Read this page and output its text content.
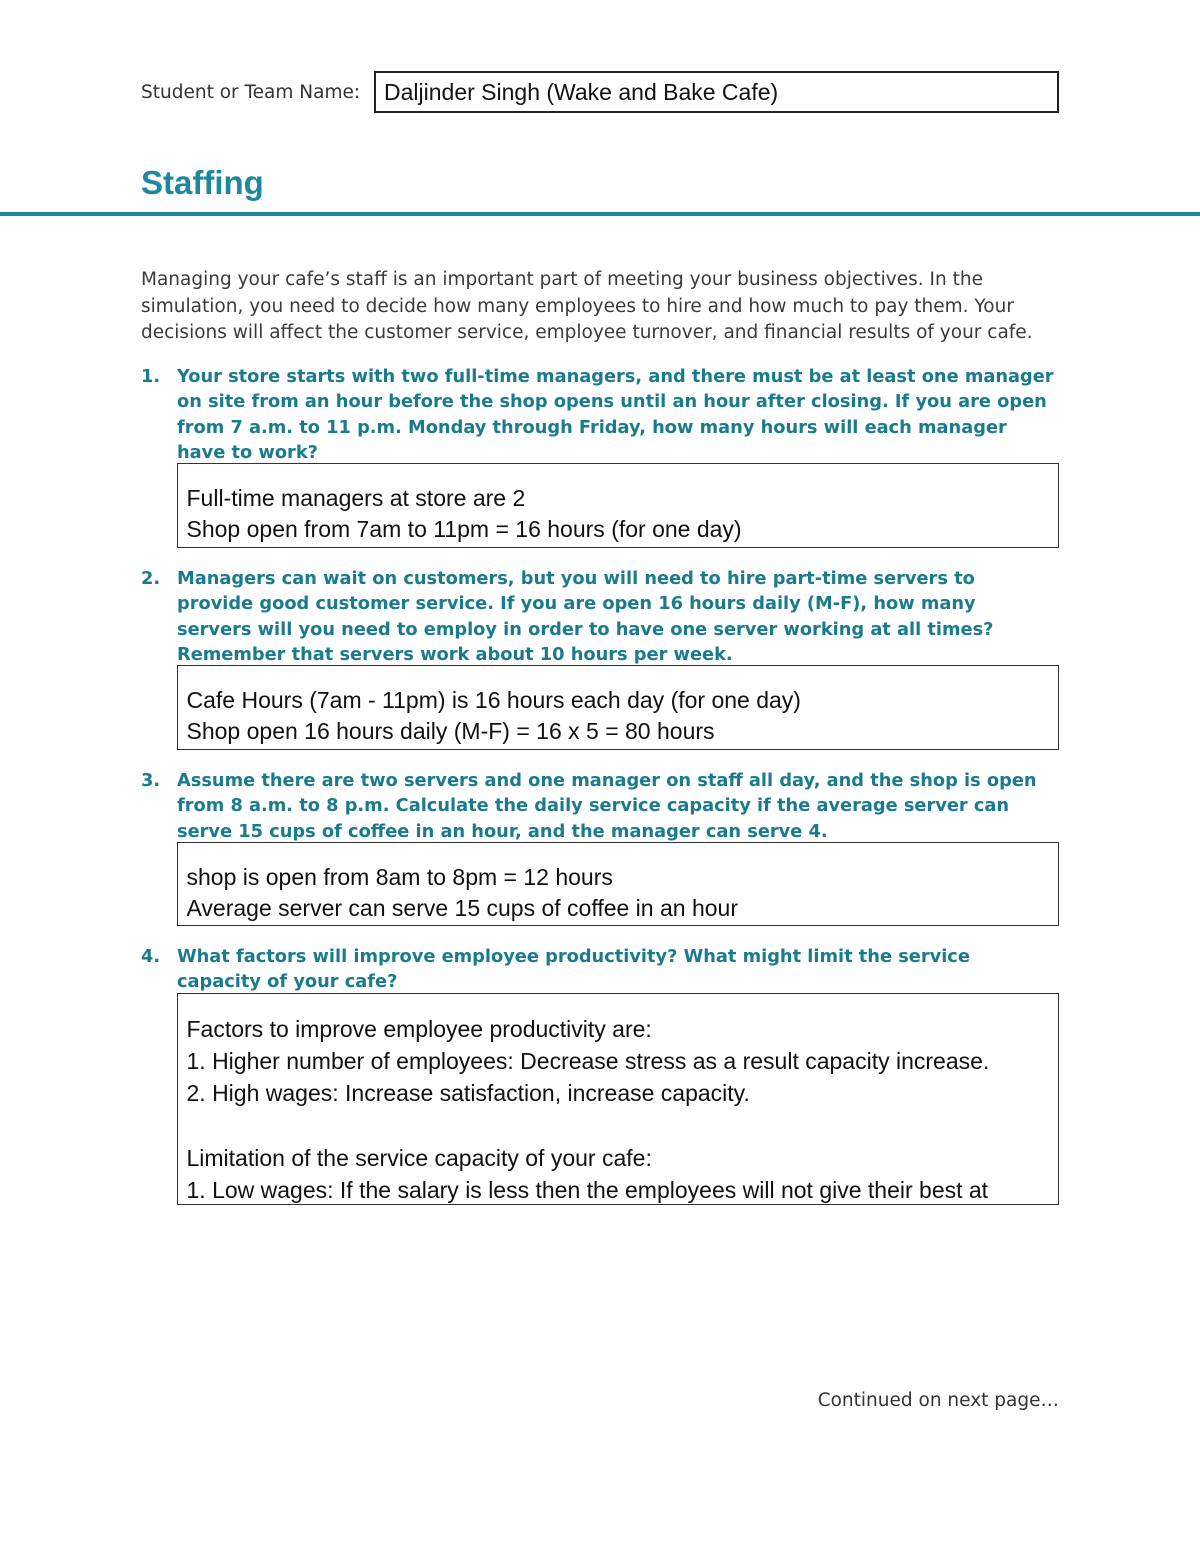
Student or Team Name:	Daljinder Singh (Wake and Bake Cafe)
Staffing
Managing your cafe’s staff is an important part of meeting your business objectives. In the
simulation, you need to decide how many employees to hire and how much to pay them. Your
decisions will affect the customer service, employee turnover, and financial results of your cafe.
1. Your store starts with two full-time managers, and there must be at least one manager
on site from an hour before the shop opens until an hour after closing. If you are open
from 7 a.m. to 11 p.m. Monday through Friday, how many hours will each manager
have to work?
Full-time managers at store are 2
Shop open from 7am to 11pm = 16 hours (for one day)
2. Managers can wait on customers, but you will need to hire part-time servers to
provide good customer service. If you are open 16 hours daily (M-F), how many
servers will you need to employ in order to have one server working at all times?
Remember that servers work about 10 hours per week.
Cafe Hours (7am - 11pm) is 16 hours each day (for one day)
Shop open 16 hours daily (M-F) = 16 x 5 = 80 hours
3. Assume there are two servers and one manager on staff all day, and the shop is open
from 8 a.m. to 8 p.m. Calculate the daily service capacity if the average server can
serve 15 cups of coffee in an hour, and the manager can serve 4.
shop is open from 8am to 8pm = 12 hours
Average server can serve 15 cups of coffee in an hour
4. What factors will improve employee productivity? What might limit the service
capacity of your cafe?
Factors to improve employee productivity are:
1. Higher number of employees: Decrease stress as a result capacity increase.
2. High wages: Increase satisfaction, increase capacity.
Limitation of the service capacity of your cafe:
1. Low wages: If the salary is less then the employees will not give their best at
Continued on next page…
